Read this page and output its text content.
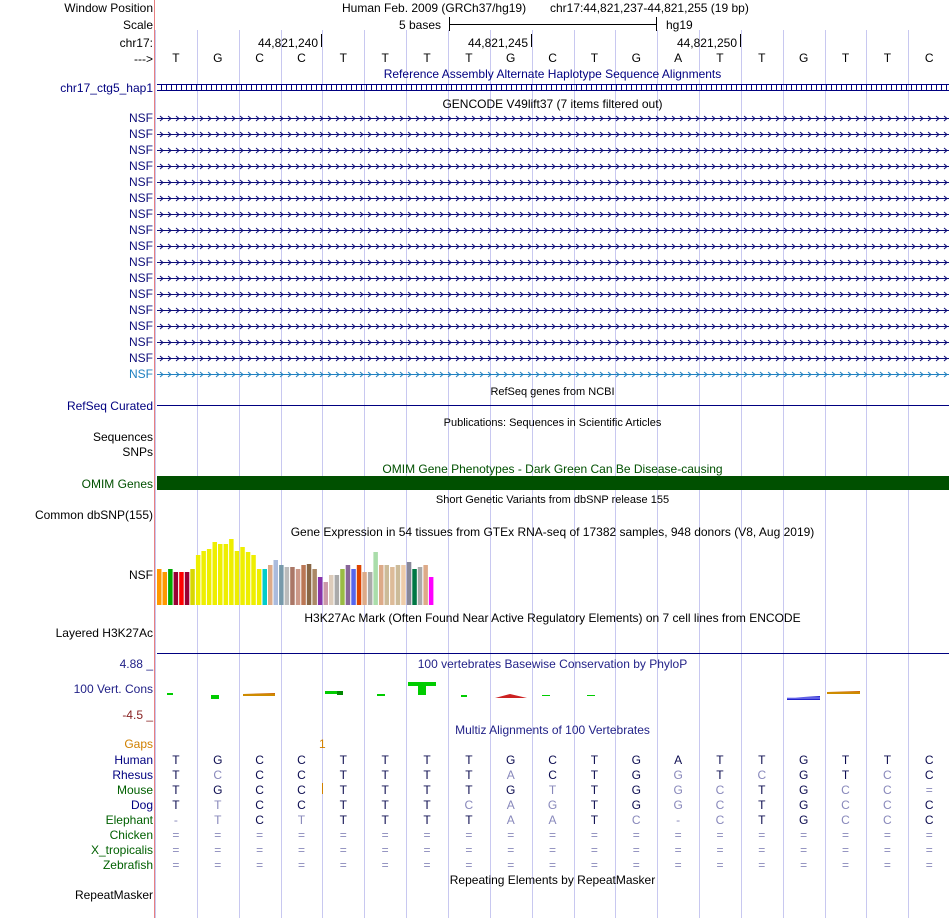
Window Position	Human Feb. 2009 (GRCh37/hg19) chr17:44,821,237-44,821,255 (19 bp)
Scale	5 bases	hg19
chr17:	44,821,240	44,821,245	44,821,250
--->	T	G	C	C	T	T	T	T	G	C	T	G	A	T	T	G	T	T	C
Reference Assembly Alternate Haplotype Sequence Alignments
chr17_ctg5_hap1
GENCODE V49lift37 (7 items filtered out)
NSF
NSF
NSF
NSF
NSF
NSF
NSF
NSF
NSF
NSF
NSF
NSF
NSF
NSF
NSF
NSF
NSF
RefSeq genes from NCBI
RefSeq Curated
Publications: Sequences in Scientific Articles
Sequences
SNPs
OMIM Gene Phenotypes - Dark Green Can Be Disease-causing
OMIM Genes
Short Genetic Variants from dbSNP release 155
Common dbSNP(155)
Gene Expression in 54 tissues from GTEx RNA-seq of 17382 samples, 948 donors (V8, Aug 2019)
NSF
H3K27Ac Mark (Often Found Near Active Regulatory Elements) on 7 cell lines from ENCODE
Layered H3K27Ac
4.88 _	100 vertebrates Basewise Conservation by PhyloP
100 Vert. Cons
-4.5 _
Multiz Alignments of 100 Vertebrates
Gaps	1
Human	T	G	C	C	T	T	T	T	G	C	T	G	A	T	T	G	T	T	C
Rhesus	T	C	C	C	T	T	T	T	A	C	T	G	G	T	C	G	T	C	C
Mouse	T	G	C	C	T	T	T	T	G	T	T	G	G	C	T	G	C	C	=
Dog	T	T	C	C	T	T	T	C	A	G	T	G	G	C	T	G	C	C	C
Elephant	-	T	C	T	T	T	T	T	A	A	T	C	-	C	T	G	C	C	C
Chicken	=	=	=	=	=	=	=	=	=	=	=	=	=	=	=	=	=	=	=
X_tropicalis	=	=	=	=	=	=	=	=	=	=	=	=	=	=	=	=	=	=	=
Zebrafish	=	=	=	=	=	=	=	=	=	=	=	=	=	=	=	=	=	=	=
Repeating Elements by RepeatMasker
RepeatMasker
